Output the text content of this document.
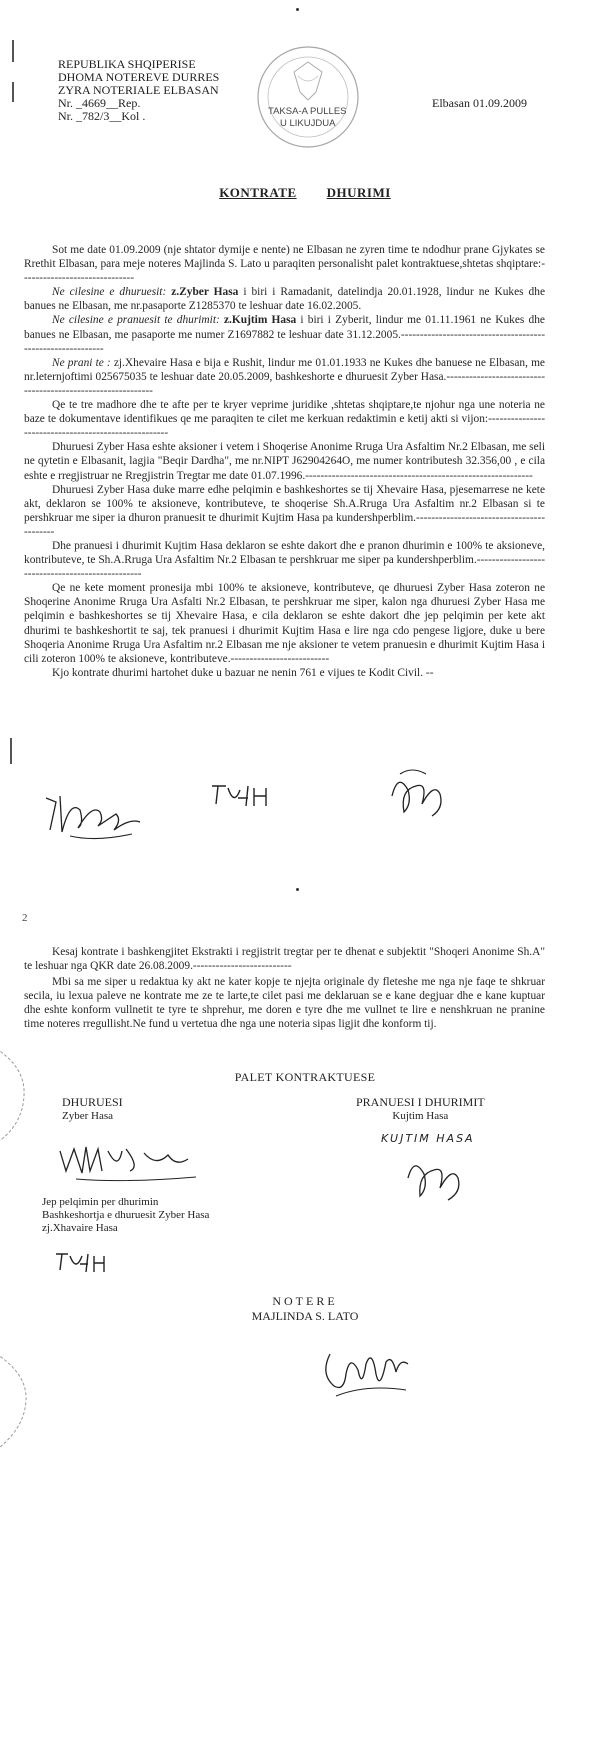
REPUBLIKA SHQIPERISE
DHOMA NOTEREVE DURRES
ZYRA NOTERIALE ELBASAN
Nr. _4669__Rep.
Nr. _782/3__Kol .
Elbasan 01.09.2009
TAKSA-A PULLES
U LIKUJDUA
KONTRATE DHURIMI

Sot me date 01.09.2009 (nje shtator dymije e nente) ne Elbasan ne zyren time te ndodhur prane Gjykates se Rrethit Elbasan, para meje noteres Majlinda S. Lato u paraqiten personalisht palet kontraktuese,shtetas shqiptare:------------------------------

Ne cilesine e dhuruesit: z.Zyber Hasa i biri i Ramadanit, datelindja 20.01.1928, lindur ne Kukes dhe banues ne Elbasan, me nr.pasaporte Z1285370 te leshuar date 16.02.2005.

Ne cilesine e pranuesit te dhurimit: z.Kujtim Hasa i biri i Zyberit, lindur me 01.11.1961 ne Kukes dhe banues ne Elbasan, me pasaporte me numer Z1697882 te leshuar date 31.12.2005.-----------------------------------------------------------

Ne prani te : zj.Xhevaire Hasa e bija e Rushit, lindur me 01.01.1933 ne Kukes dhe banuese ne Elbasan, me nr.leternjoftimi 025675035 te leshuar date 20.05.2009, bashkeshorte e dhuruesit Zyber Hasa.------------------------------------------------------------

Qe te tre madhore dhe te afte per te kryer veprime juridike ,shtetas shqiptare,te njohur nga une noteria ne baze te dokumentave identifikues qe me paraqiten te cilet me kerkuan redaktimin e ketij akti si vijon:-----------------------------------------------------

Dhuruesi Zyber Hasa eshte aksioner i vetem i Shoqerise Anonime Rruga Ura Asfaltim Nr.2 Elbasan, me seli ne qytetin e Elbasanit, lagjia "Beqir Dardha", me nr.NIPT J62904264O, me numer kontributesh 32.356,00 , e cila eshte e rregjistruar ne Rregjistrin Tregtar me date 01.07.1996.------------------------------------------------------------

Dhuruesi Zyber Hasa duke marre edhe pelqimin e bashkeshortes se tij Xhevaire Hasa, pjesemarrese ne kete akt, deklaron se 100% te aksioneve, kontributeve, te shoqerise Sh.A.Rruga Ura Asfaltim nr.2 Elbasan si te pershkruar me siper ia dhuron pranuesit te dhurimit Kujtim Hasa pa kundershperblim.------------------------------------------

Dhe pranuesi i dhurimit Kujtim Hasa deklaron se eshte dakort dhe e pranon dhurimin e 100% te aksioneve, kontributeve, te Sh.A.Rruga Ura Asfaltim Nr.2 Elbasan te pershkruar me siper pa kundershperblim.-------------------------------------------------

Qe ne kete moment pronesija mbi 100% te aksioneve, kontributeve, qe dhuruesi Zyber Hasa zoteron ne Shoqerine Anonime Rruga Ura Asfalti Nr.2 Elbasan, te pershkruar me siper, kalon nga dhuruesi Zyber Hasa me pelqimin e bashkeshortes se tij Xhevaire Hasa, e cila deklaron se eshte dakort dhe jep pelqimin per kete akt dhurimi te bashkeshortit te saj, tek pranuesi i dhurimit Kujtim Hasa e lire nga cdo pengese ligjore, duke u bere Shoqeria Anonime Rruga Ura Asfaltim nr.2 Elbasan me nje aksioner te vetem pranuesin e dhurimit Kujtim Hasa i cili zoteron 100% te aksioneve, kontributeve.--------------------------

Kjo kontrate dhurimi hartohet duke u bazuar ne nenin 761 e vijues te Kodit Civil. --

2

Kesaj kontrate i bashkengjitet Ekstrakti i regjistrit tregtar per te dhenat e subjektit "Shoqeri Anonime Sh.A" te leshuar nga QKR date 26.08.2009.--------------------------

Mbi sa me siper u redaktua ky akt ne kater kopje te njejta originale dy fleteshe me nga nje faqe te shkruar secila, iu lexua paleve ne kontrate me ze te larte,te cilet pasi me deklaruan se e kane degjuar dhe e kane kuptuar dhe eshte konform vullnetit te tyre te shprehur, me doren e tyre dhe me vullnet te lire e nenshkruan ne praninе time noteres rregullisht.Ne fund u vertetua dhe nga une noteria sipas ligjit dhe konform tij.

PALET KONTRAKTUESE
DHURUESI
Zyber Hasa
PRANUESI I DHURIMIT
Kujtim Hasa
KUJTIM HASA
Jep pelqimin per dhurimin
Bashkeshortja e dhuruesit Zyber Hasa
zj.Xhavaire Hasa
NOTERE
MAJLINDA S. LATO
